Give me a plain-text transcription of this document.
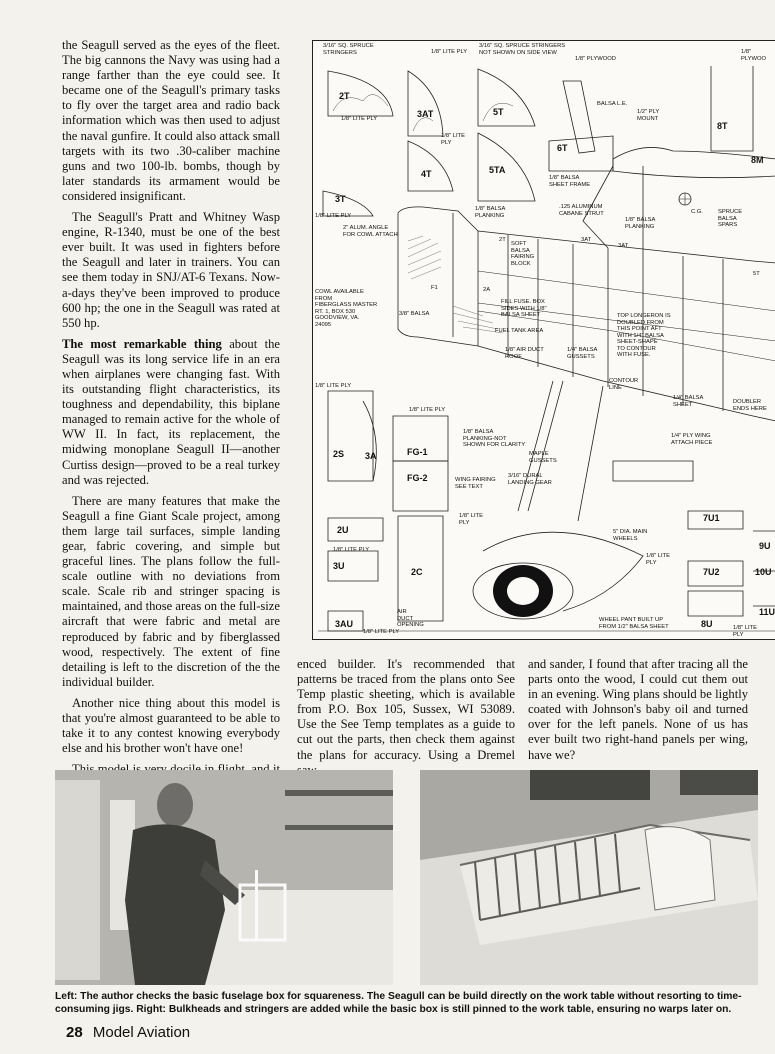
the Seagull served as the eyes of the fleet. The big cannons the Navy was using had a range farther than the eye could see. It became one of the Seagull's primary tasks to fly over the target area and radio back information which was then used to adjust the naval gunfire. It could also attack small targets with its two .30-caliber machine guns and two 100-lb. bombs, though by later standards its armament would be considered insignificant.

The Seagull's Pratt and Whitney Wasp engine, R-1340, must be one of the best ever built. It was used in fighters before the Seagull and later in trainers. You can see them today in SNJ/AT-6 Texans. Now-a-days they've been improved to produce 600 hp; the one in the Seagull was rated at 550 hp.

The most remarkable thing about the Seagull was its long service life in an era when airplanes were changing fast. With its outstanding flight characteristics, its toughness and dependability, this biplane managed to remain active for the whole of WW II. In fact, its replacement, the midwing monoplane Seagull II—another Curtiss design—proved to be a real turkey and was rejected.

There are many features that make the Seagull a fine Giant Scale project, among them large tail surfaces, simple landing gear, fabric covering, and simple but graceful lines. The plans follow the full-scale outline with no deviations from scale. Scale rib and stringer spacing is maintained, and those areas on the full-size aircraft that were fabric and metal are reproduced by fabric and by fiberglassed wood, respectively. The extent of fine detailing is left to the discretion of the the individual builder.

Another nice thing about this model is that you're almost guaranteed to be able to take it to any contest knowing everybody else and his brother won't have one!

3/16" SQ. SPRUCE
STRINGERS	1/8" LITE PLY
3/16" SQ. SPRUCE STRINGERS
NOT SHOWN ON SIDE VIEW
1/8" PLYWOOD
1/8" PLYWOO
BALSA L.E.
1/2" PLY
MOUNT
1/8" LITE PLY
1/8" LITE
PLY
1/8" LITE PLY
1/8" BALSA
SHEET FRAME
.125 ALUMINUM
CABANE STRUT	SPRUCE
BALSA
SPARS
C.G.
1/8" BALSA
PLANKING
1/8" BALSA
PLANKING
2" ALUM. ANGLE
FOR COWL ATTACH
SOFT
BALSA
FAIRING
BLOCK
COWL AVAILABLE
FROM
FIBERGLASS MASTER
RT. 1, BOX 530
GOODVIEW, VA.
24095
3/8" BALSA
FILL FUSE. BOX
SIDES WITH 1/8"
BALSA SHEET
FUEL TANK AREA
1/8" AIR DUCT
ROOF
1/4" BALSA
GUSSETS
TOP LONGERON IS
DOUBLED FROM
THIS POINT AFT
WITH 1/4" BALSA
SHEET-SHAPE
TO CONTOUR
WITH FUSE.
CONTOUR
LINE
1/4" BALSA
SHEET	DOUBLER
ENDS HERE
1/4" PLY WING
ATTACH PIECE
1/8" BALSA
PLANKING-NOT
SHOWN FOR CLARITY
MAPLE
GUSSETS
3/16" DURAL
LANDING GEAR
WING FAIRING
SEE TEXT
1/8" LITE PLY
1/8" LITE PLY
1/8" LITE
PLY
1/8" LITE PLY
5" DIA. MAIN
WHEELS
1/8" LITE
PLY
AIR
DUCT
OPENING
1/8" LITE PLY
WHEEL PANT BUILT UP
FROM 1/2" BALSA SHEET	1/8" LITE
PLY
2T
3AT	5T
4T	5TA
6T
8T
8M
3T
2T	3AT
3AT
5T
F1	2A
2S 3A	FG-1
FG-2
2U
3U
2C
3AU
7U1
7U2
8U
9U
10U
11U

enced builder. It's recommended that patterns be traced from the plans onto See Temp plastic sheeting, which is available from P.O. Box 105, Sussex, WI 53089. Use the See Temp templates as a guide to cut out the parts, then check them against the plans for accuracy. Using a Dremel

and sander, I found that after tracing all the parts onto the wood, I could cut them out in an evening. Wing plans should be lightly coated with Johnson's baby oil and turned over for the left panels. None of us has ever built two right-hand panels per wing, have we?

Left: The author checks the basic fuselage box for squareness. The Seagull can be build directly on the work table without resorting to time-consuming jigs. Right: Bulkheads and stringers are added while the basic box is still pinned to the work table, ensuring no warps later on.
28 Model Aviation
